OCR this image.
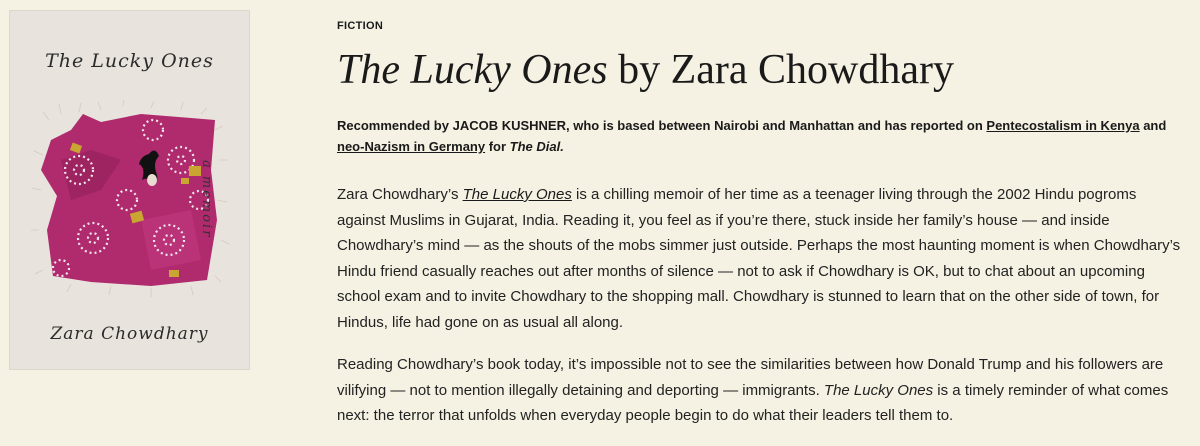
The Lucky Ones
a memoir
Zara Chowdhary
FICTION
The Lucky Ones by Zara Chowdhary

Recommended by JACOB KUSHNER, who is based between Nairobi and Manhattan and has reported on Pentecostalism in Kenya and neo-Nazism in Germany for The Dial.

Zara Chowdhary’s The Lucky Ones is a chilling memoir of her time as a teenager living through the 2002 Hindu pogroms against Muslims in Gujarat, India. Reading it, you feel as if you’re there, stuck inside her family’s house — and inside Chowdhary’s mind — as the shouts of the mobs simmer just outside. Perhaps the most haunting moment is when Chowdhary’s Hindu friend casually reaches out after months of silence — not to ask if Chowdhary is OK, but to chat about an upcoming school exam and to invite Chowdhary to the shopping mall. Chowdhary is stunned to learn that on the other side of town, for Hindus, life had gone on as usual all along.

Reading Chowdhary’s book today, it’s impossible not to see the similarities between how Donald Trump and his followers are vilifying — not to mention illegally detaining and deporting — immigrants. The Lucky Ones is a timely reminder of what comes next: the terror that unfolds when everyday people begin to do what their leaders tell them to.
